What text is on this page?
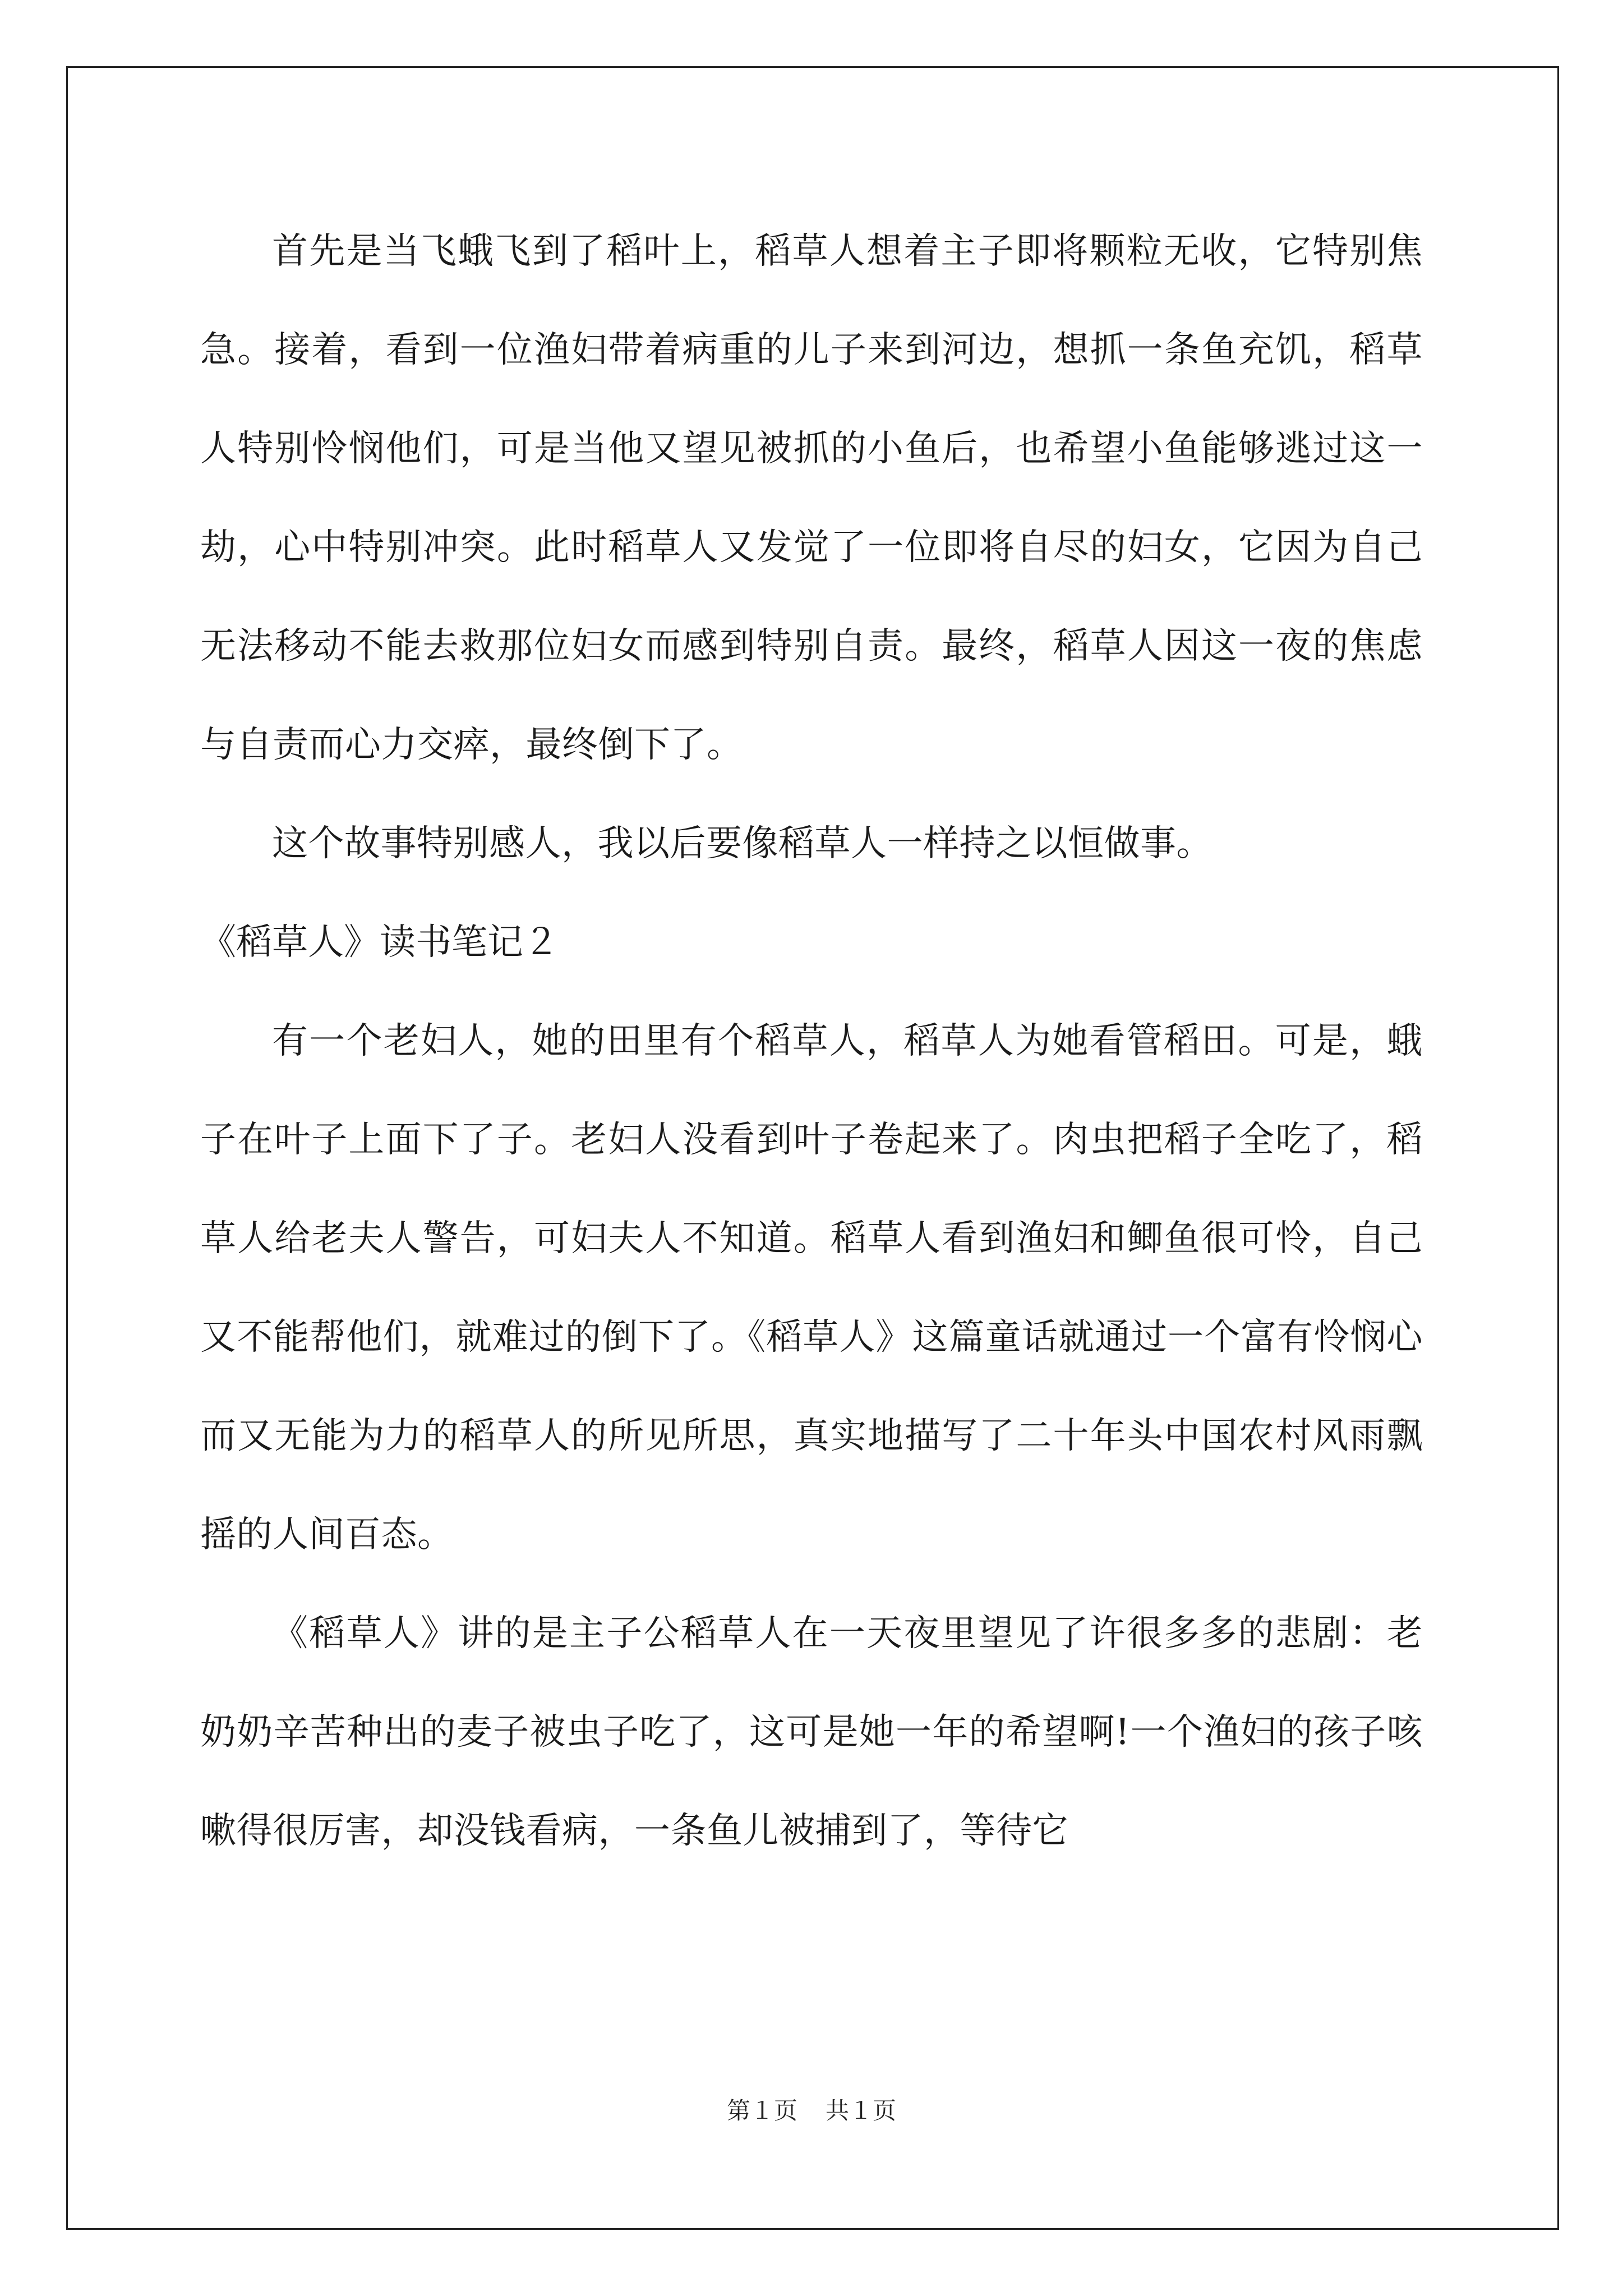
首先是当飞蛾飞到了稻叶上，稻草人想着主子即将颗粒无收，它特别焦急。接着，看到一位渔妇带着病重的儿子来到河边，想抓一条鱼充饥，稻草人特别怜悯他们，可是当他又望见被抓的小鱼后，也希望小鱼能够逃过这一劫，心中特别冲突。此时稻草人又发觉了一位即将自尽的妇女，它因为自己无法移动不能去救那位妇女而感到特别自责。最终，稻草人因这一夜的焦虑与自责而心力交瘁，最终倒下了。

这个故事特别感人，我以后要像稻草人一样持之以恒做事。

《稻草人》读书笔记２

有一个老妇人，她的田里有个稻草人，稻草人为她看管稻田。可是，蛾子在叶子上面下了子。老妇人没看到叶子卷起来了。肉虫把稻子全吃了，稻草人给老夫人警告，可妇夫人不知道。稻草人看到渔妇和鲫鱼很可怜，自己又不能帮他们，就难过的倒下了。《稻草人》这篇童话就通过一个富有怜悯心而又无能为力的稻草人的所见所思，真实地描写了二十年头中国农村风雨飘摇的人间百态。

《稻草人》讲的是主子公稻草人在一天夜里望见了许很多多的悲剧：老奶奶辛苦种出的麦子被虫子吃了，这可是她一年的希望啊!一个渔妇的孩子咳嗽得很厉害，却没钱看病，一条鱼儿被捕到了，等待它

第１页 共１页
